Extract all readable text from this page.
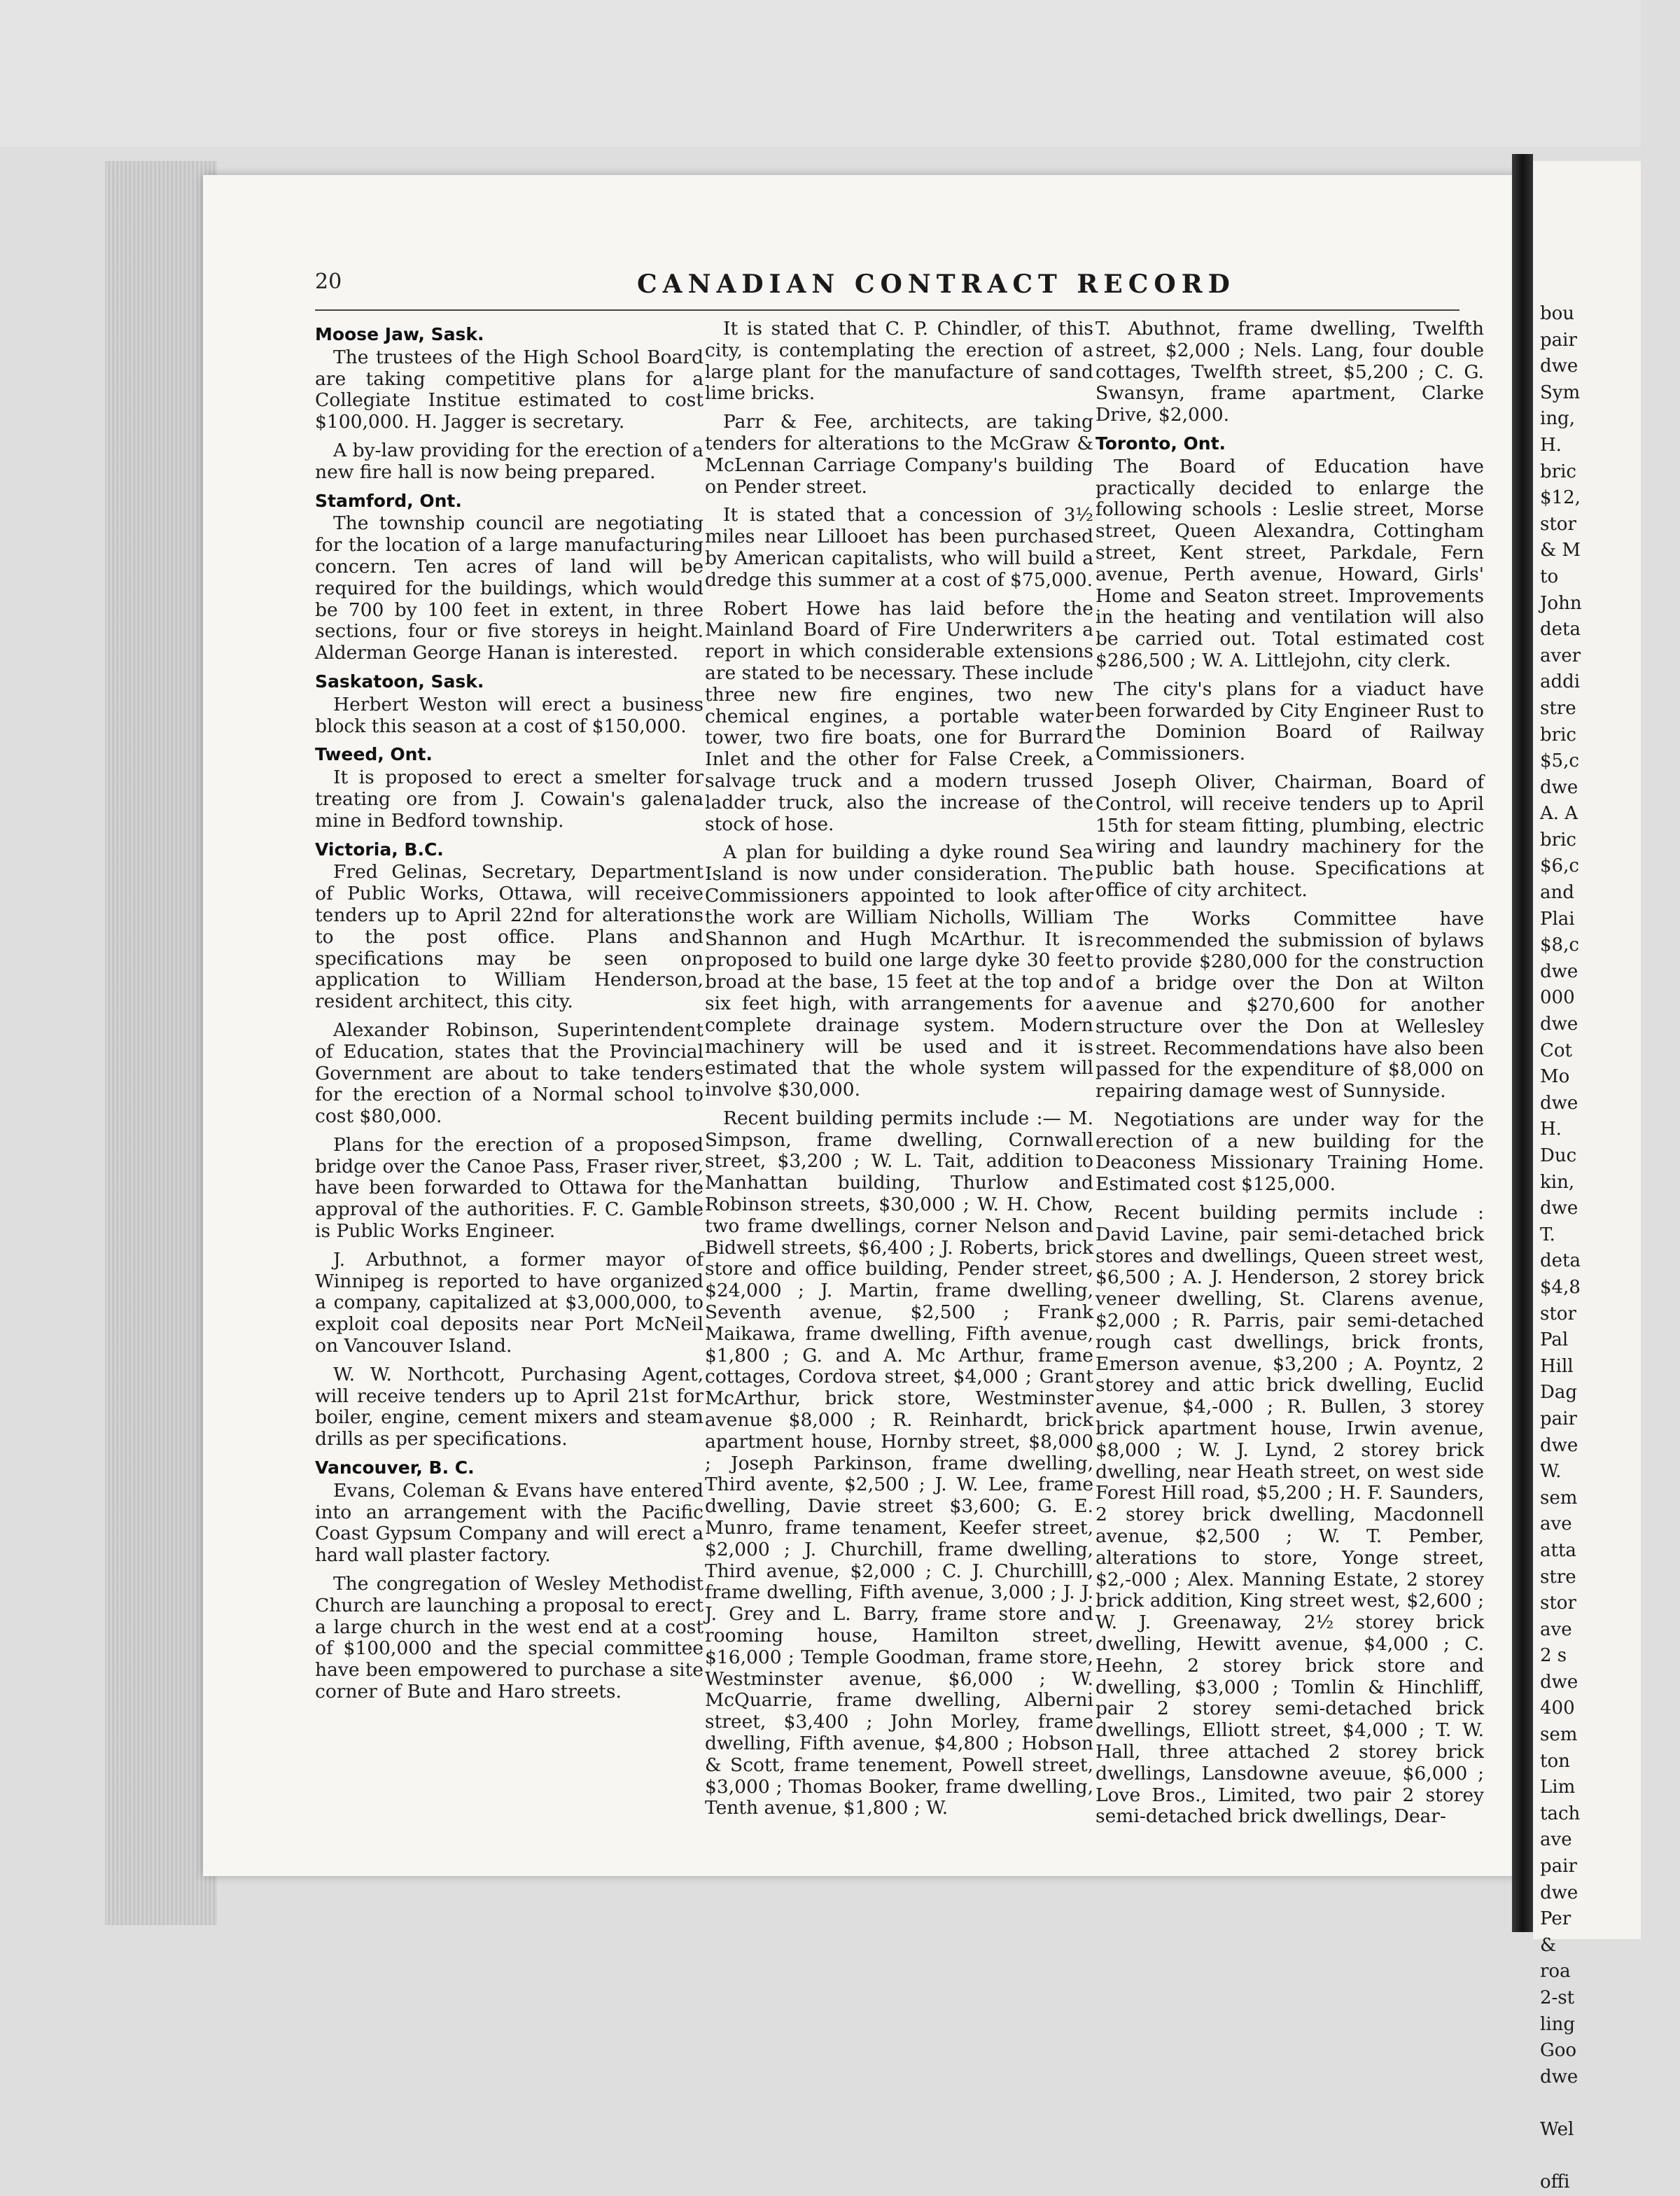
bou
pair
dwe
Sym
ing,
H.
bric
$12,
stor
& M
to
John
deta
aver
addi
stre
bric
$5,c
dwe
A. A
bric
$6,c
and
Plai
$8,c
dwe
000
dwe
Cot
Mo
dwe
H.
Duc
kin,
dwe
T.
deta
$4,8
stor
Pal
Hill
Dag
pair
dwe
W.
sem
ave
atta
stre
stor
ave
2 s
dwe
400
sem
ton
Lim
tach
ave
pair
dwe
Per
&
roa
2-st
ling
Goo
dwe
Wel
offi
20	CANADIAN CONTRACT RECORD
Moose Jaw, Sask.

The trustees of the High School Board are taking competitive plans for a Collegiate Institue estimated to cost $100,000. H. Jagger is secretary.

A by-law providing for the erection of a new fire hall is now being prepared.

Stamford, Ont.

The township council are negotiating for the location of a large manufacturing concern. Ten acres of land will be required for the buildings, which would be 700 by 100 feet in extent, in three sections, four or five storeys in height. Alderman George Hanan is interested.

Saskatoon, Sask.

Herbert Weston will erect a business block this season at a cost of $150,000.

Tweed, Ont.

It is proposed to erect a smelter for treating ore from J. Cowain's galena mine in Bedford township.

Victoria, B.C.

Fred Gelinas, Secretary, Department of Public Works, Ottawa, will receive tenders up to April 22nd for alterations to the post office. Plans and specifications may be seen on application to William Henderson, resident architect, this city.

Alexander Robinson, Superintendent of Education, states that the Provincial Government are about to take tenders for the erection of a Normal school to cost $80,000.

Plans for the erection of a proposed bridge over the Canoe Pass, Fraser river, have been forwarded to Ottawa for the approval of the authorities. F. C. Gamble is Public Works Engineer.

J. Arbuthnot, a former mayor of Winnipeg is reported to have organized a company, capitalized at $3,000,000, to exploit coal deposits near Port McNeil on Vancouver Island.

W. W. Northcott, Purchasing Agent, will receive tenders up to April 21st for boiler, engine, cement mixers and steam drills as per specifications.

Vancouver, B. C.

Evans, Coleman & Evans have entered into an arrangement with the Pacific Coast Gypsum Company and will erect a hard wall plaster factory.

The congregation of Wesley Methodist Church are launching a proposal to erect a large church in the west end at a cost of $100,000 and the special committee have been empowered to purchase a site corner of Bute and Haro streets.

It is stated that C. P. Chindler, of this city, is contemplating the erection of a large plant for the manufacture of sand lime bricks.

Parr & Fee, architects, are taking tenders for alterations to the McGraw & McLennan Carriage Company's building on Pender street.

It is stated that a concession of 3½ miles near Lillooet has been purchased by American capitalists, who will build a dredge this summer at a cost of $75,000.

Robert Howe has laid before the Mainland Board of Fire Underwriters a report in which considerable extensions are stated to be necessary. These include three new fire engines, two new chemical engines, a portable water tower, two fire boats, one for Burrard Inlet and the other for False Creek, a salvage truck and a modern trussed ladder truck, also the increase of the stock of hose.

A plan for building a dyke round Sea Island is now under consideration. The Commissioners appointed to look after the work are William Nicholls, William Shannon and Hugh McArthur. It is proposed to build one large dyke 30 feet broad at the base, 15 feet at the top and six feet high, with arrangements for a complete drainage system. Modern machinery will be used and it is estimated that the whole system will involve $30,000.

Recent building permits include :— M. Simpson, frame dwelling, Cornwall street, $3,200 ; W. L. Tait, addition to Manhattan building, Thurlow and Robinson streets, $30,000 ; W. H. Chow, two frame dwellings, corner Nelson and Bidwell streets, $6,400 ; J. Roberts, brick store and office building, Pender street, $24,000 ; J. Martin, frame dwelling, Seventh avenue, $2,500 ; Frank Maikawa, frame dwelling, Fifth avenue, $1,800 ; G. and A. Mc Arthur, frame cottages, Cordova street, $4,000 ; Grant McArthur, brick store, Westminster avenue $8,000 ; R. Reinhardt, brick apartment house, Hornby street, $8,000 ; Joseph Parkinson, frame dwelling, Third avente, $2,500 ; J. W. Lee, frame dwelling, Davie street $3,600; G. E. Munro, frame tenament, Keefer street, $2,000 ; J. Churchill, frame dwelling, Third avenue, $2,000 ; C. J. Churchilll, frame dwelling, Fifth avenue, 3,000 ; J. J. J. Grey and L. Barry, frame store and rooming house, Hamilton street, $16,000 ; Temple Goodman, frame store, Westminster avenue, $6,000 ; W. McQuarrie, frame dwelling, Alberni street, $3,400 ; John Morley, frame dwelling, Fifth avenue, $4,800 ; Hobson & Scott, frame tenement, Powell street, $3,000 ; Thomas Booker, frame dwelling, Tenth avenue, $1,800 ; W.

T. Abuthnot, frame dwelling, Twelfth street, $2,000 ; Nels. Lang, four double cottages, Twelfth street, $5,200 ; C. G. Swansyn, frame apartment, Clarke Drive, $2,000.

Toronto, Ont.

The Board of Education have practically decided to enlarge the following schools : Leslie street, Morse street, Queen Alexandra, Cottingham street, Kent street, Parkdale, Fern avenue, Perth avenue, Howard, Girls' Home and Seaton street. Improvements in the heating and ventilation will also be carried out. Total estimated cost $286,500 ; W. A. Littlejohn, city clerk.

The city's plans for a viaduct have been forwarded by City Engineer Rust to the Dominion Board of Railway Commissioners.

Joseph Oliver, Chairman, Board of Control, will receive tenders up to April 15th for steam fitting, plumbing, electric wiring and laundry machinery for the public bath house. Specifications at office of city architect.

The Works Committee have recommended the submission of bylaws to provide $280,000 for the construction of a bridge over the Don at Wilton avenue and $270,600 for another structure over the Don at Wellesley street. Recommendations have also been passed for the expenditure of $8,000 on repairing damage west of Sunnyside.

Negotiations are under way for the erection of a new building for the Deaconess Missionary Training Home. Estimated cost $125,000.

Recent building permits include : David Lavine, pair semi-detached brick stores and dwellings, Queen street west, $6,500 ; A. J. Henderson, 2 storey brick veneer dwelling, St. Clarens avenue, $2,000 ; R. Parris, pair semi-detached rough cast dwellings, brick fronts, Emerson avenue, $3,200 ; A. Poyntz, 2 storey and attic brick dwelling, Euclid avenue, $4,-000 ; R. Bullen, 3 storey brick apartment house, Irwin avenue, $8,000 ; W. J. Lynd, 2 storey brick dwelling, near Heath street, on west side Forest Hill road, $5,200 ; H. F. Saunders, 2 storey brick dwelling, Macdonnell avenue, $2,500 ; W. T. Pember, alterations to store, Yonge street, $2,-000 ; Alex. Manning Estate, 2 storey brick addition, King street west, $2,600 ; W. J. Greenaway, 2½ storey brick dwelling, Hewitt avenue, $4,000 ; C. Heehn, 2 storey brick store and dwelling, $3,000 ; Tomlin & Hinchliff, pair 2 storey semi-detached brick dwellings, Elliott street, $4,000 ; T. W. Hall, three attached 2 storey brick dwellings, Lansdowne aveuue, $6,000 ; Love Bros., Limited, two pair 2 storey semi-detached brick dwellings, Dear-
